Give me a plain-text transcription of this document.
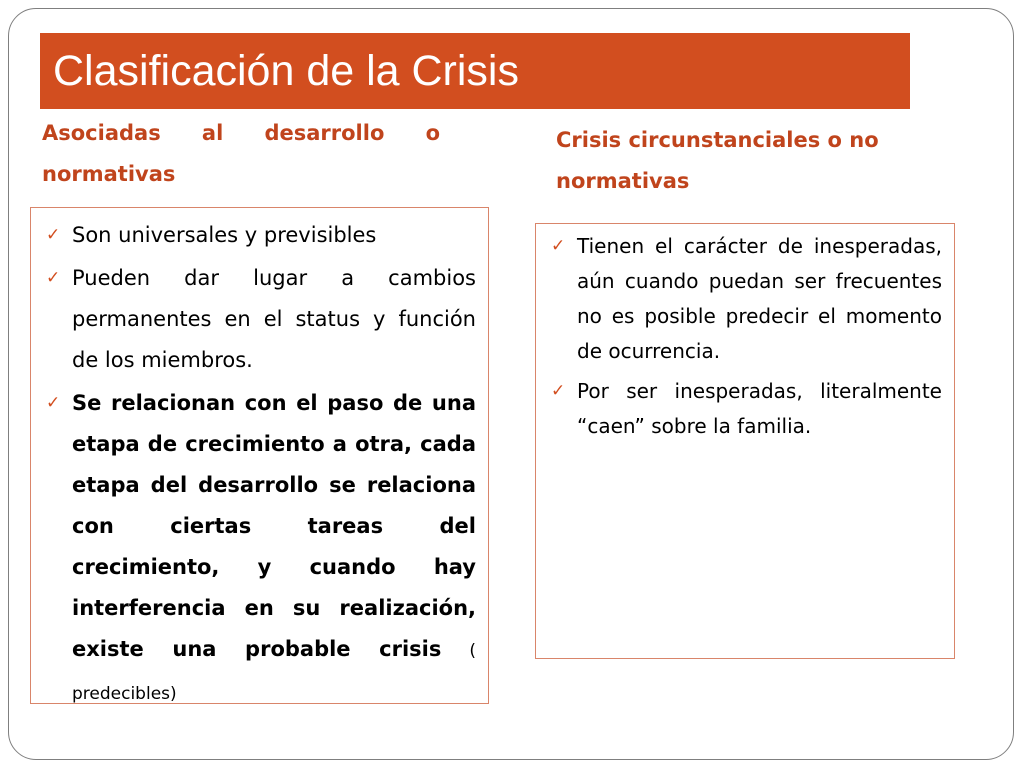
Clasificación de la Crisis
Asociadas al desarrollo o normativas
Crisis circunstanciales o no normativas
✓ Son universales y previsibles
✓ Pueden dar lugar a cambios permanentes en el status y función de los miembros.
✓ Se relacionan con el paso de una etapa de crecimiento a otra, cada etapa del desarrollo se relaciona con ciertas tareas del crecimiento, y cuando hay interferencia en su realización, existe una probable crisis ( predecibles)
✓ Tienen el carácter de inesperadas, aún cuando puedan ser frecuentes no es posible predecir el momento de ocurrencia.
✓ Por ser inesperadas, literalmente “caen” sobre la familia.
